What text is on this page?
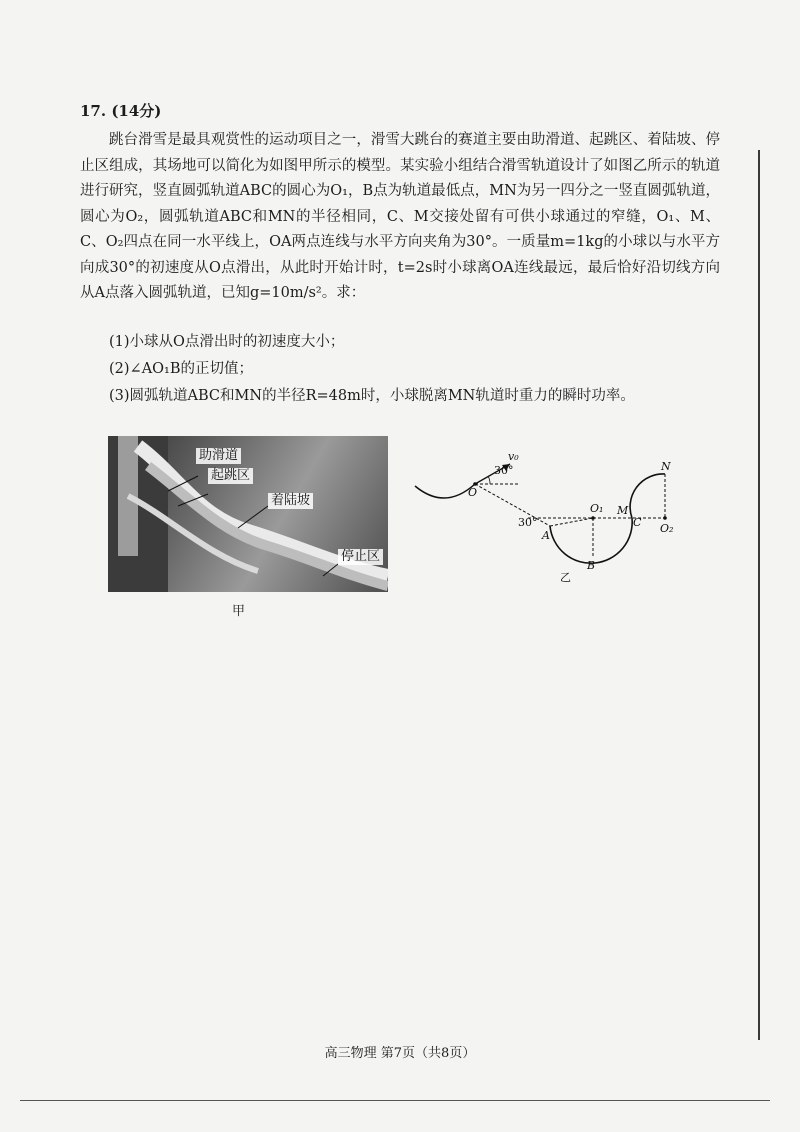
17. (14分)
跳台滑雪是最具观赏性的运动项目之一，滑雪大跳台的赛道主要由助滑道、起跳区、着陆坡、停止区组成，其场地可以简化为如图甲所示的模型。某实验小组结合滑雪轨道设计了如图乙所示的轨道进行研究，竖直圆弧轨道ABC的圆心为O₁，B点为轨道最低点，MN为另一四分之一竖直圆弧轨道，圆心为O₂，圆弧轨道ABC和MN的半径相同，C、M交接处留有可供小球通过的窄缝，O₁、M、C、O₂四点在同一水平线上，OA两点连线与水平方向夹角为30°。一质量m=1kg的小球以与水平方向成30°的初速度从O点滑出，从此时开始计时，t=2s时小球离OA连线最远，最后恰好沿切线方向从A点落入圆弧轨道，已知g=10m/s²。求：
(1)小球从O点滑出时的初速度大小；
(2)∠AO₁B的正切值；
(3)圆弧轨道ABC和MN的半径R=48m时，小球脱离MN轨道时重力的瞬时功率。
助滑道
起跳区
着陆坡
停止区
甲
O
v₀
30°
30°
A
B
O₁ M
C O₂
N
乙
高三物理 第7页（共8页）
